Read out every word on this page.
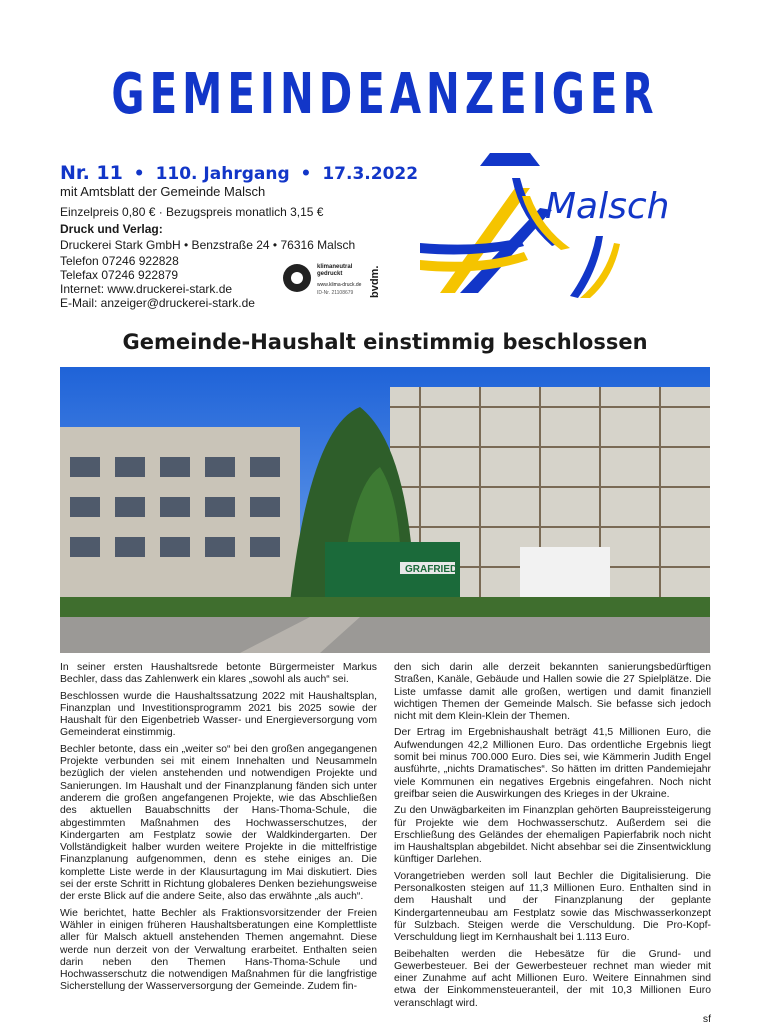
GEMEINDEANZEIGER
Nr. 11 • 110. Jahrgang • 17.3.2022
mit Amtsblatt der Gemeinde Malsch
Einzelpreis 0,80 € · Bezugspreis monatlich 3,15 €
Druck und Verlag:
Druckerei Stark GmbH • Benzstraße 24 • 76316 Malsch
Telefon 07246 922828
Telefax 07246 922879
Internet: www.druckerei-stark.de
E-Mail: anzeiger@druckerei-stark.de
klimaneutral
gedruckt
www.klima-druck.de
ID-Nr. 21108679 bvdm.
Malsch
Gemeinde-Haushalt einstimmig beschlossen
GRAFRIED

In seiner ersten Haushaltsrede betonte Bürgermeister Markus Bechler, dass das Zahlenwerk ein klares „sowohl als auch“ sei.

Beschlossen wurde die Haushaltssatzung 2022 mit Haushaltsplan, Finanzplan und Investitionsprogramm 2021 bis 2025 sowie der Haushalt für den Eigenbetrieb Wasser- und Energieversorgung vom Gemeinderat einstimmig.

Bechler betonte, dass ein „weiter so“ bei den großen angegangenen Projekte verbunden sei mit einem Innehalten und Neusammeln bezüglich der vielen anstehenden und notwendigen Projekte und Sanierungen. Im Haushalt und der Finanzplanung fänden sich unter anderem die großen angefangenen Projekte, wie das Abschließen des aktuellen Bauabschnitts der Hans-Thoma-Schule, die abgestimmten Maßnahmen des Hochwasserschutzes, der Kindergarten am Festplatz sowie der Waldkindergarten. Der Vollständigkeit halber wurden weitere Projekte in die mittelfristige Finanzplanung aufgenommen, denn es stehe einiges an. Die komplette Liste werde in der Klausurtagung im Mai diskutiert. Dies sei der erste Schritt in Richtung globaleres Denken beziehungsweise der erste Blick auf die andere Seite, also das erwähnte „als auch“.

Wie berichtet, hatte Bechler als Fraktionsvorsitzender der Freien Wähler in einigen früheren Haushaltsberatungen eine Komplettliste aller für Malsch aktuell anstehenden Themen angemahnt. Diese werde nun derzeit von der Verwaltung erarbeitet. Enthalten seien darin neben den Themen Hans-Thoma-Schule und Hochwasserschutz die notwendigen Maßnahmen für die langfristige Sicherstellung der Wasserversorgung der Gemeinde. Zudem fin-

den sich darin alle derzeit bekannten sanierungsbedürftigen Straßen, Kanäle, Gebäude und Hallen sowie die 27 Spielplätze. Die Liste umfasse damit alle großen, wertigen und damit finanziell wichtigen Themen der Gemeinde Malsch. Sie befasse sich jedoch nicht mit dem Klein-Klein der Themen.

Der Ertrag im Ergebnishaushalt beträgt 41,5 Millionen Euro, die Aufwendungen 42,2 Millionen Euro. Das ordentliche Ergebnis liegt somit bei minus 700.000 Euro. Dies sei, wie Kämmerin Judith Engel ausführte, „nichts Dramatisches“. So hätten im dritten Pandemiejahr viele Kommunen ein negatives Ergebnis eingefahren. Noch nicht greifbar seien die Auswirkungen des Krieges in der Ukraine.

Zu den Unwägbarkeiten im Finanzplan gehörten Baupreissteigerung für Projekte wie dem Hochwasserschutz. Außerdem sei die Erschließung des Geländes der ehemaligen Papierfabrik noch nicht im Haushaltsplan abgebildet. Nicht absehbar sei die Zinsentwicklung künftiger Darlehen.

Vorangetrieben werden soll laut Bechler die Digitalisierung. Die Personalkosten steigen auf 11,3 Millionen Euro. Enthalten sind in dem Haushalt und der Finanzplanung der geplante Kindergartenneubau am Festplatz sowie das Mischwasserkonzept für Sulzbach. Steigen werde die Verschuldung. Die Pro-Kopf-Verschuldung liegt im Kernhaushalt bei 1.113 Euro.

Beibehalten werden die Hebesätze für die Grund- und Gewerbesteuer. Bei der Gewerbesteuer rechnet man wieder mit einer Zunahme auf acht Millionen Euro. Weitere Einnahmen sind etwa der Einkommensteueranteil, der mit 10,3 Millionen Euro veranschlagt wird.

sf
